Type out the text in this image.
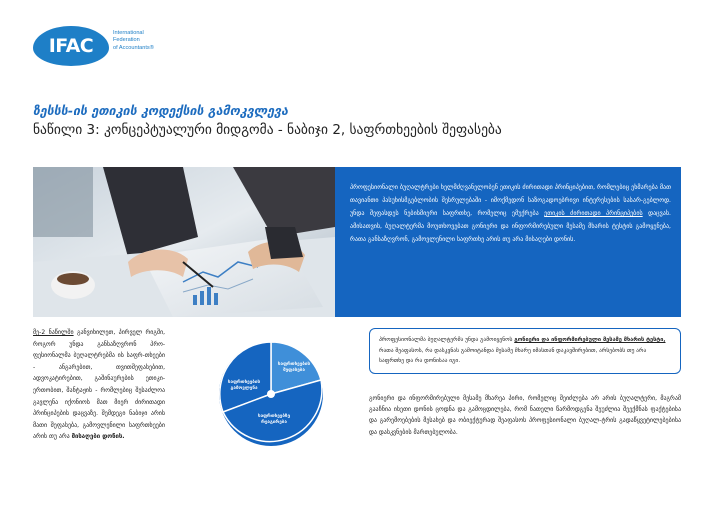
IFAC
International
Federation
of Accountants®
ზესსს-ის ეთიკის კოდექსის გამოკვლევა
ნაწილი 3: კონცეპტუალური მიდგომა - ნაბიჯი 2, საფრთხეების შეფასება

პროფესიონალი ბუღალტრები ხელმძღვანელობენ ეთიკის ძირითადი პრინციპებით, რომლებიც ეხმარება მათ თავიანთი პასუხისმგებლობის შესრულებაში - იმოქმედონ საზოგადოებრივი ინტერესების სასარ-გებლოდ. უნდა შეფასდეს ნებისმიერი საფრთხე, რომელიც ემუქრება ეთიკის ძირითადი პრინციპების დაცვას. ამისათვის, ბუღალტერმა მოუთხოვებათ გონიერი და ინფორმირებული მესამე მხარის ტესტის გამოყენება, რათა განსაზღვრონ, გამოვლენილი საფრთხე არის თუ არა მისაღები დონის.

მე-2 ნაწილში განვიხილეთ, პირველ რიგში, როგორ უნდა განსაზღვრონ პრო-ფესიონალმა ბუღალტრებმა ის საფრ-თხეები - ანგარებით, თვითშეფასებით, ადვოკატირებით, გაშინაურების ეთიკი-ერთობით, შანტაჟის - რომლებიც შესაძლოა გავლენა იქონიოს მათ მიერ ძირითადი პრინციპების დაცვაზე. შემდეგი ნაბიჯი არის მათი შეფასება, გამოვლენილი საფრთხეები არის თუ არა მისაღები დონის.
საფრთხეების შეფასება
საფრთხეების გამოვლენა
საფრთხეებზე რეაგირება

პროფესიონალმა ბუღალტერმა უნდა გამოიყენოს გონიერი და ინფორმირებული მესამე მხარის ტესტი, რათა შეაფასოს, რა დასკვნას გამოიტანდა მესამე მხარე იმასთან დაკავშირებით, არსებობს თუ არა საფრთხე და რა დონისაა იგი.

გონიერი და ინფორმირებული მესამე მხარეა პირი, რომელიც შეიძლება არ არის ბუღალტერი, მაგრამ გააჩნია ისეთი დონის ცოდნა და გამოცდილება, რომ ნათელი წარმოდგენა შეუძლია შეექმნას ფაქტებისა და გარემოებების მესახებ და ობიექტურად შეაფასოს პროფესიონალი ბუღალ-ტრის გადაწყვეტილებებისა და დასკვნების მართებულობა.
